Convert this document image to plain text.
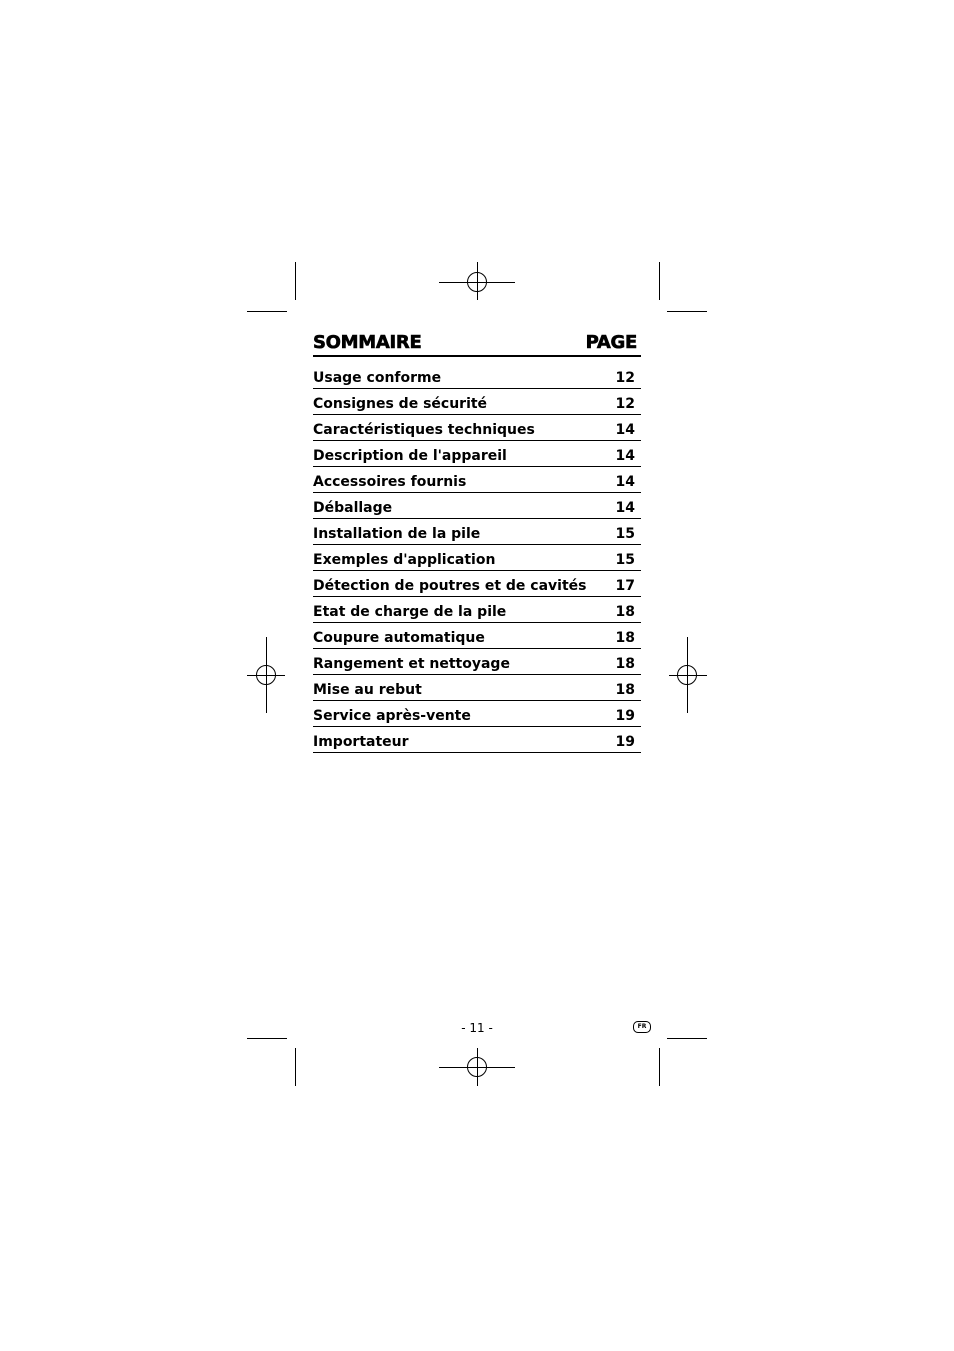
SOMMAIRE	PAGE
Usage conforme	12
Consignes de sécurité	12
Caractéristiques techniques	14
Description de l'appareil	14
Accessoires fournis	14
Déballage	14
Installation de la pile	15
Exemples d'application	15
Détection de poutres et de cavités 17
Etat de charge de la pile	18
Coupure automatique	18
Rangement et nettoyage	18
Mise au rebut	18
Service après-vente	19
Importateur	19
- 11 -	FR
